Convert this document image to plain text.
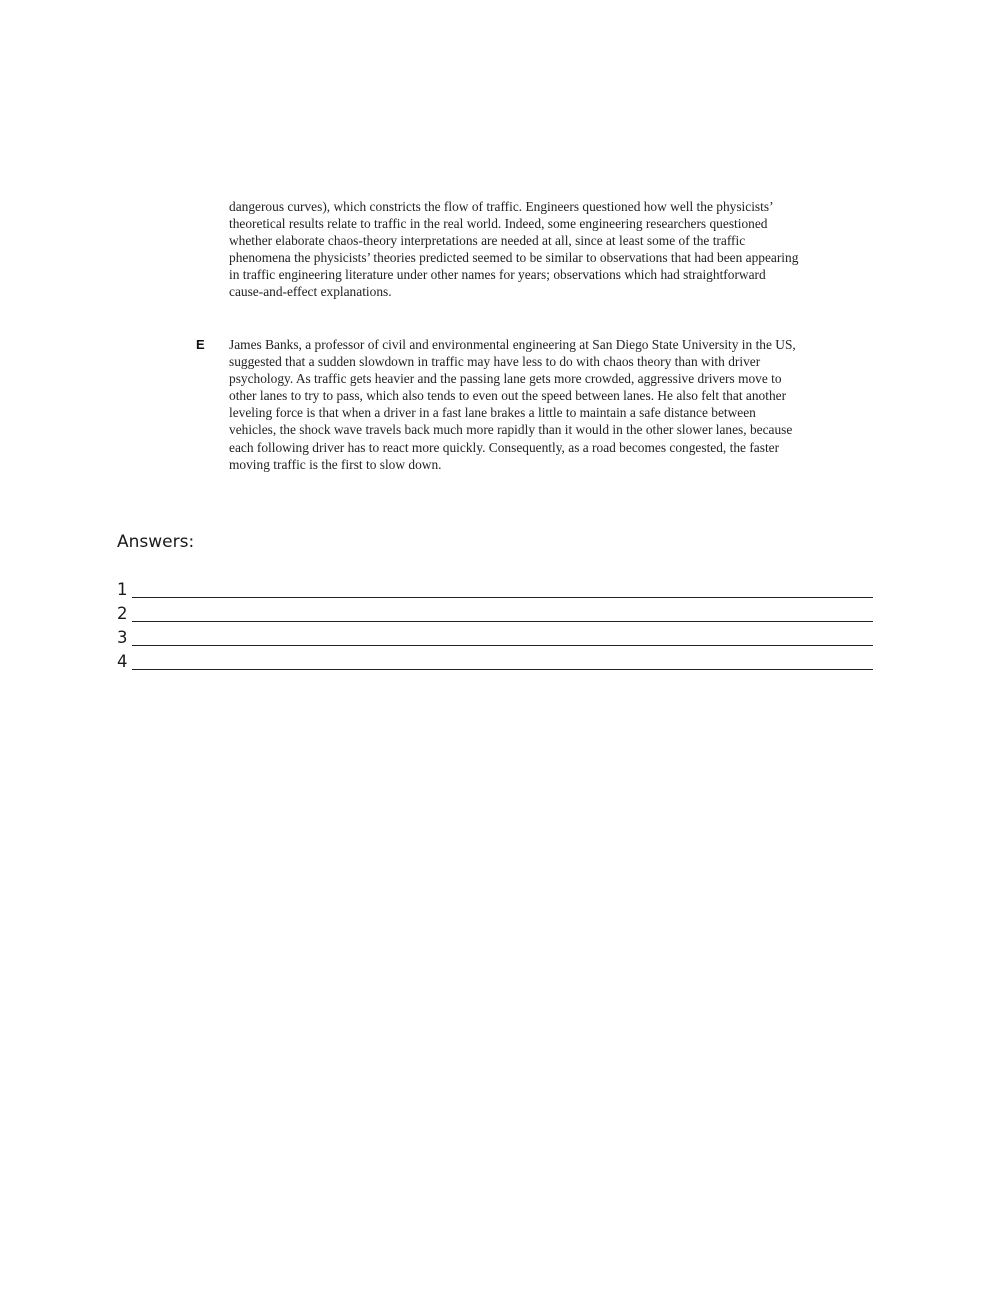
dangerous curves), which constricts the flow of traffic. Engineers questioned how well the physicists’ theoretical results relate to traffic in the real world. Indeed, some engineering researchers questioned whether elaborate chaos-theory interpretations are needed at all, since at least some of the traffic phenomena the physicists’ theories predicted seemed to be similar to observations that had been appearing in traffic engineering literature under other names for years; observations which had straightforward cause-and-effect explanations.

E James Banks, a professor of civil and environmental engineering at San Diego State University in the US, suggested that a sudden slowdown in traffic may have less to do with chaos theory than with driver psychology. As traffic gets heavier and the passing lane gets more crowded, aggressive drivers move to other lanes to try to pass, which also tends to even out the speed between lanes. He also felt that another leveling force is that when a driver in a fast lane brakes a little to maintain a safe distance between vehicles, the shock wave travels back much more rapidly than it would in the other slower lanes, because each following driver has to react more quickly. Consequently, as a road becomes congested, the faster moving traffic is the first to slow down.

Answers:
1
2
3
4
